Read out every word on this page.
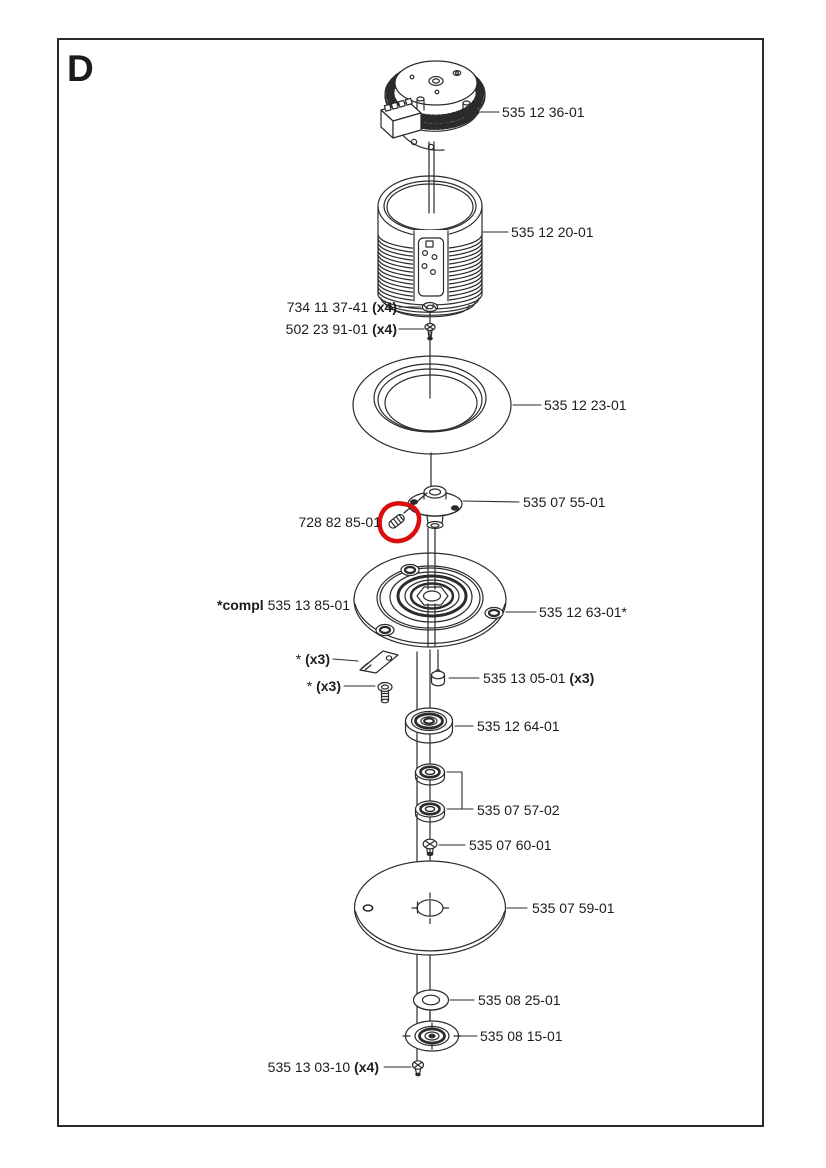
D
535 12 36-01
535 12 20-01
734 11 37-41 (x4)
502 23 91-01 (x4)
535 12 23-01
535 07 55-01
728 82 85-01
*compl 535 13 85-01	535 12 63-01*
* (x3)
* (x3)	535 13 05-01 (x3)
535 12 64-01
535 07 57-02
535 07 60-01
535 07 59-01
535 08 25-01
535 08 15-01
535 13 03-10 (x4)
